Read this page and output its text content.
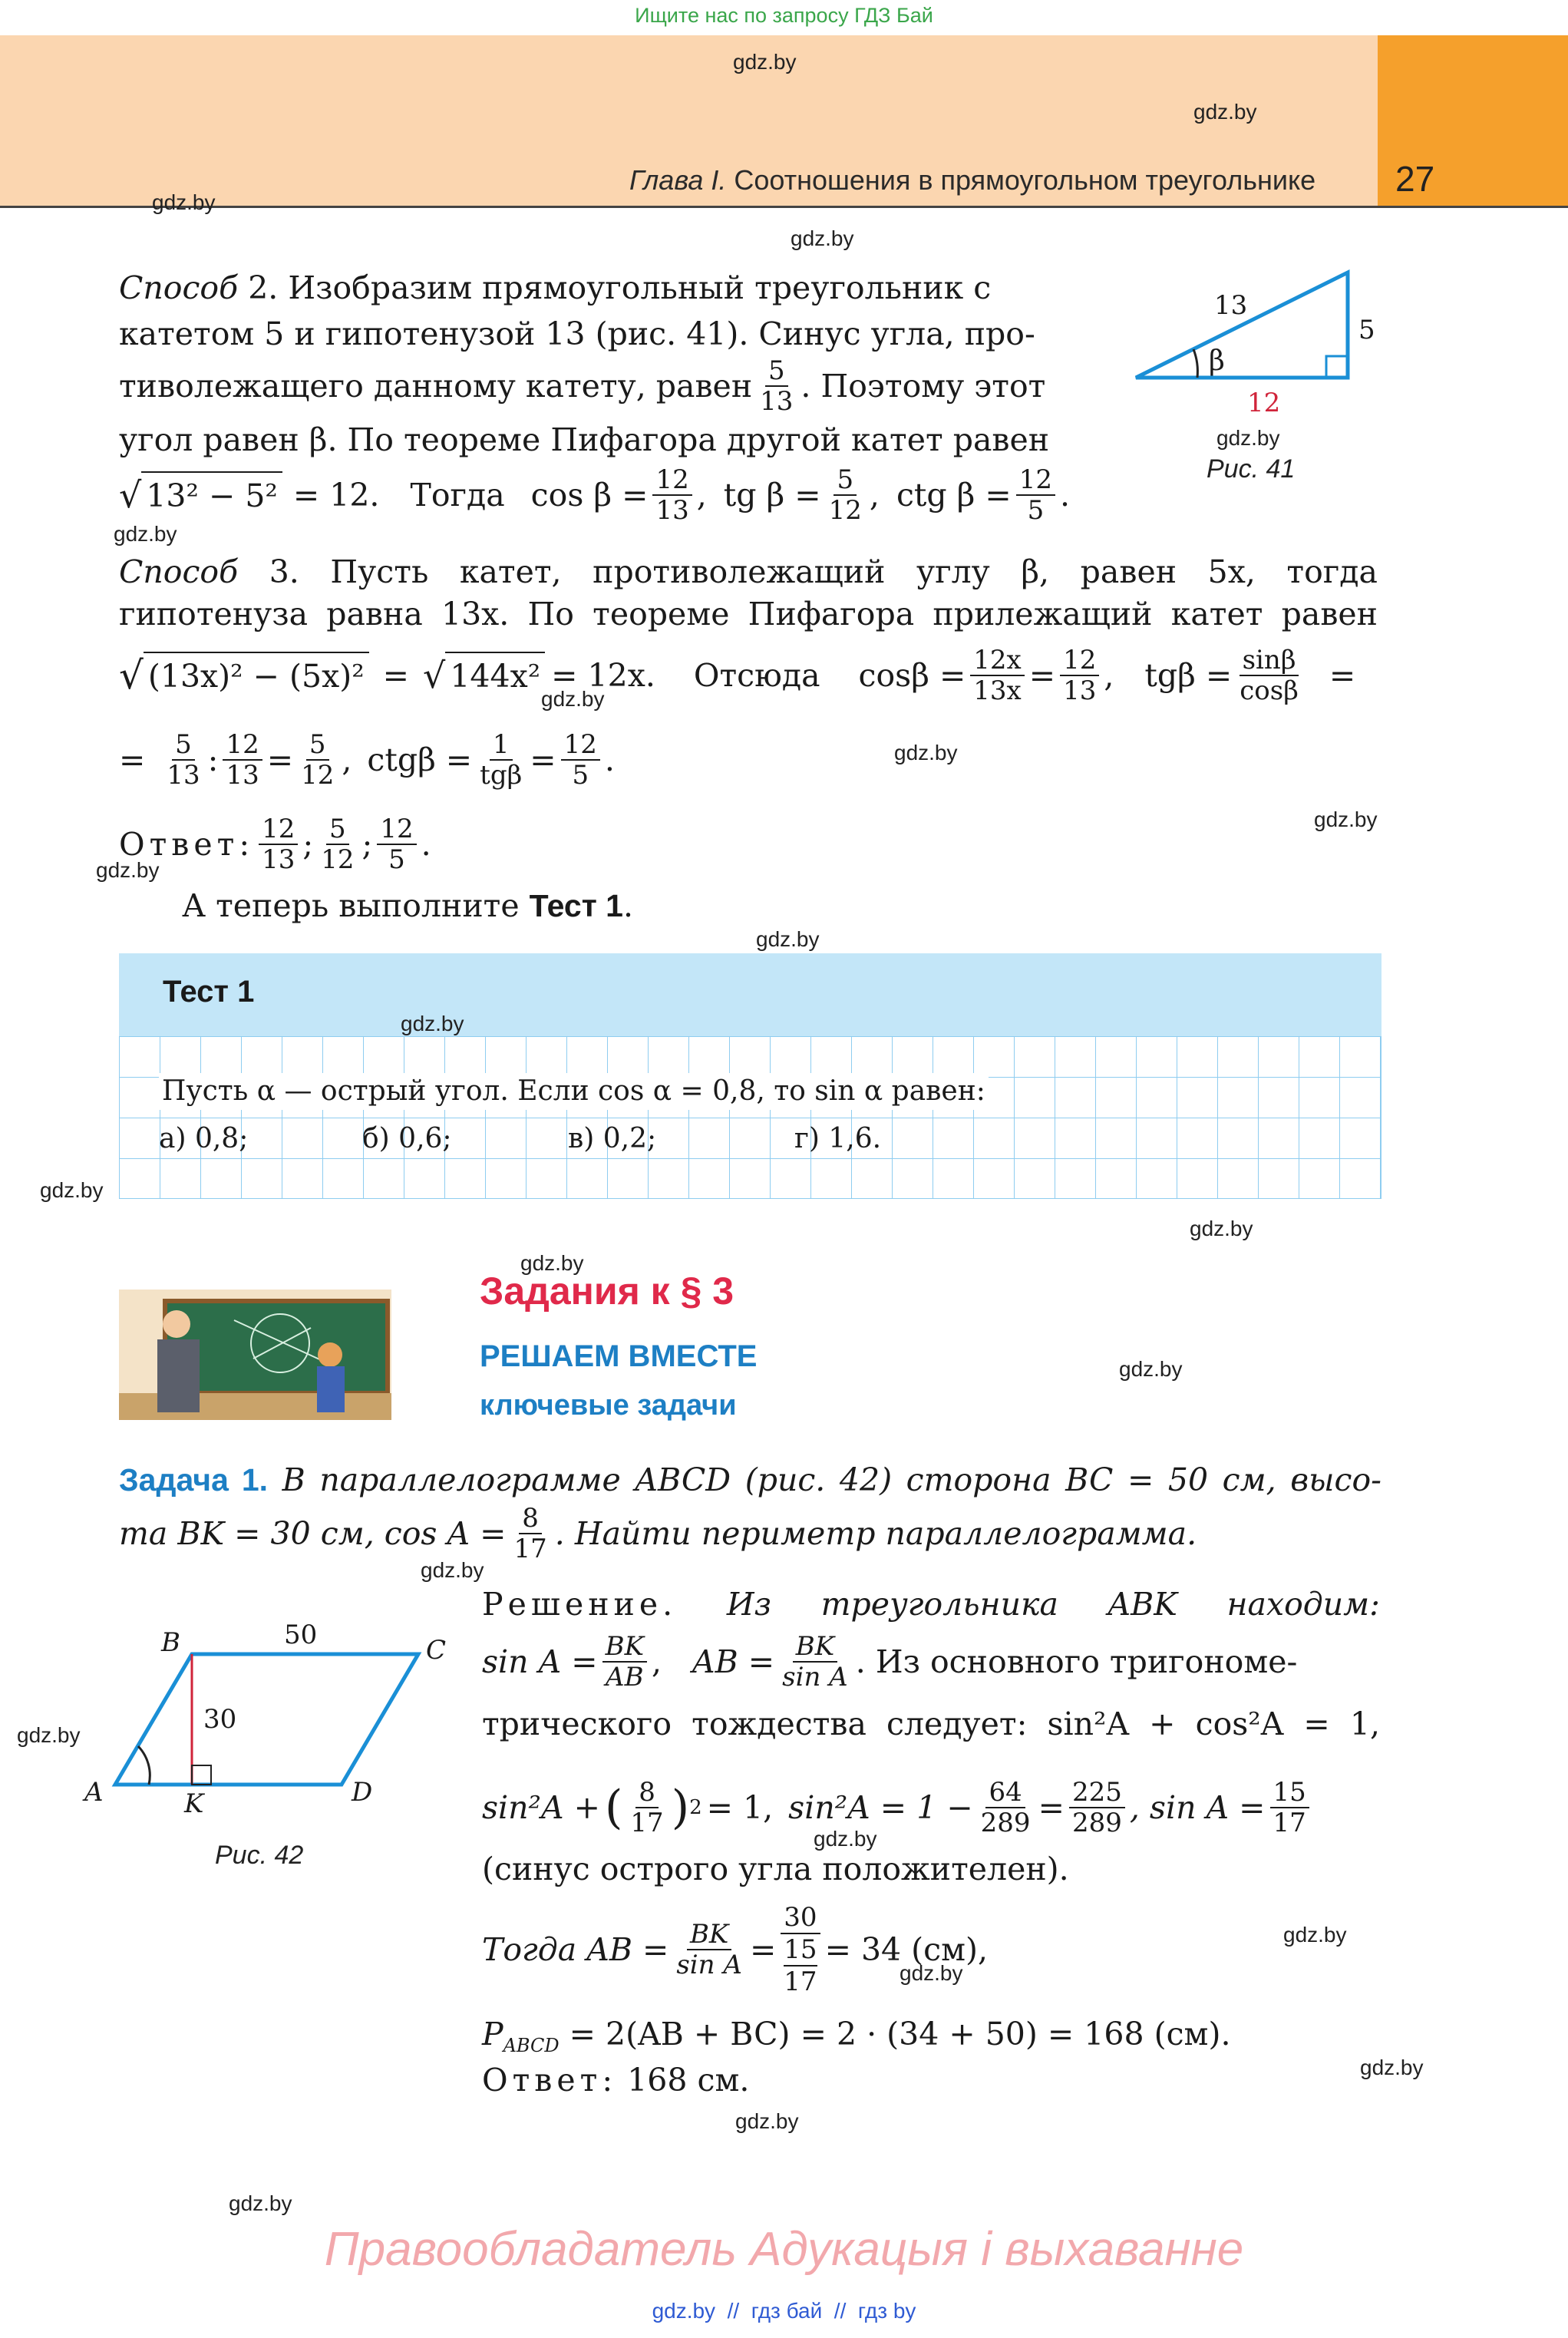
Ищите нас по запросу ГДЗ Бай
Глава I. Соотношения в прямоугольном треугольнике 27
13
5
β
12
Рис. 41
Способ 2. Изобразим прямоугольный треугольник с
катетом 5 и гипотенузой 13 (рис. 41). Синус угла, про-
тиволежащего данному катету, равен $\frac{5}{13}$ . Поэтому этот
угол равен β. По теореме Пифагора другой катет равен
√ 13² − 5² = 12. Тогда $\cos \beta = \frac{12}{13}$ , tg $\beta = \frac{5}{12}$ , ctg $\beta = \frac{12}{5}$ .
Способ 3. Пусть катет, противолежащий углу β, равен 5x, тогда
гипотенуза равна 13x. По теореме Пифагора прилежащий катет равен
√ (13x)² − (5x)² = √ 144x² = 12x. Отсюда $\cos\beta = \frac{12x}{13x} = \frac{12}{13}$ , $tg\beta = \frac{\sin\beta}{\cos\beta}$ =
= $\frac{5}{13}$ : $\frac{12}{13} = \frac{5}{12}$ , $ctg\beta = \frac{1}{\text{tgβ}} = \frac{12}{5}$ .
Ответ: $\frac{12}{13}$ ; $\frac{5}{12}$ ; $\frac{12}{5}$ .
А теперь выполните Тест 1.
Тест 1
Пусть α — острый угол. Если cos α = 0,8, то sin α равен:
а) 0,8;	б) 0,6;	в) 0,2;	г) 1,6.
Задания к § 3
РЕШАЕМ ВМЕСТЕ
ключевые задачи
Задача 1. В параллелограмме ABCD (рис. 42) сторона BC = 50 см, высо-
та BK = 30 см, $\cos A = \frac{8}{17}$ . Найти периметр параллелограмма.
B	50	C
30
A	K	D
Рис. 42
Решение. Из треугольника ABK находим:
$\sin A = \frac{BK}{AB}$ , AB = $\frac{BK}{\text{sin A}}$ . Из основного тригономе-
трического тождества следует: sin²A + cos²A = 1,
sin²A + ( $\frac{8}{17}$ ) 2 = 1, $\sin^2A = 1 - \frac{64}{289} = \frac{225}{289}$ , $\sin A = \frac{15}{17}$
(синус острого угла положителен).
Тогда AB = $\frac{BK}{\text{sin A}} = 30$
15
17 = 34 (см),
$P_{ABCD} = 2(AB + BC) = 2 \cdot (34 + 50) = 168$ (см).
Ответ: 168 см.
gdz.by
gdz.by
gdz.by
gdz.by
gdz.by
gdz.by
gdz.by
gdz.by
gdz.by
gdz.by
gdz.by
gdz.by
gdz.by
gdz.by
gdz.by
gdz.by
gdz.by
gdz.by
gdz.by
gdz.by
gdz.by
gdz.by
gdz.by
gdz.by
Правообладатель Адукацыя і выхаванне
gdz.by  //  гдз бай  //  гдз by
